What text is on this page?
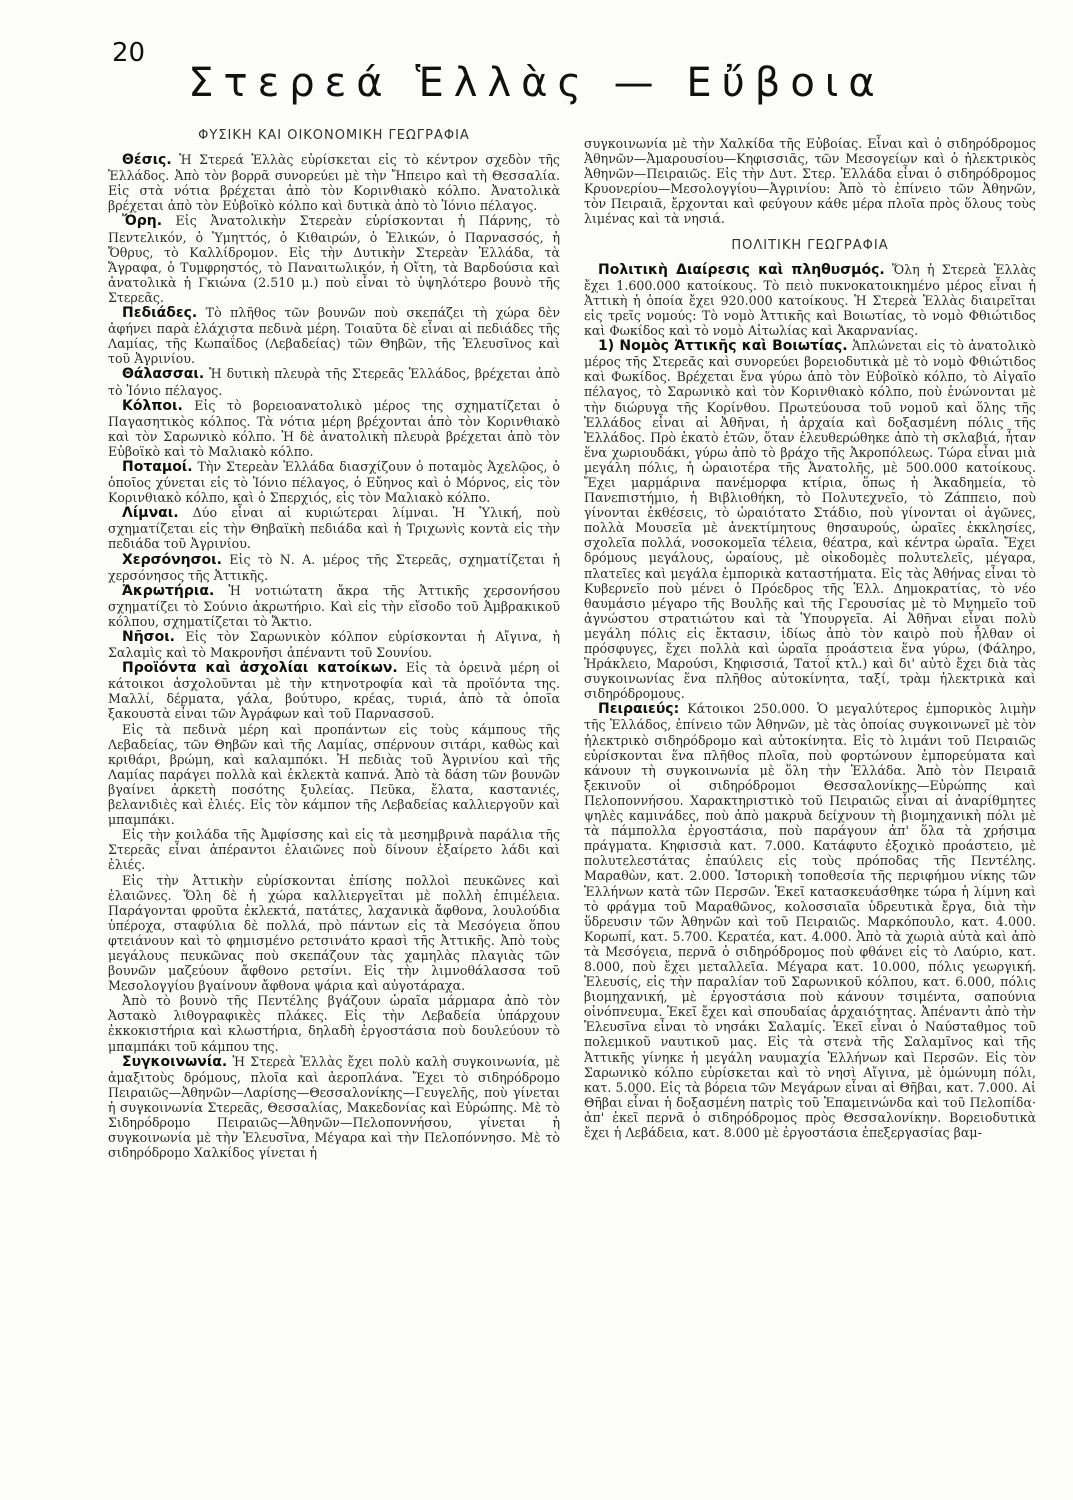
20
Στερεά Ἑλλὰς — Εὔβοια
ΦΥΣΙΚΗ ΚΑΙ ΟΙΚΟΝΟΜΙΚΗ ΓΕΩΓΡΑΦΙΑ

Θέσις. Ἡ Στερεά Ἑλλὰς εὑρίσκεται εἰς τὸ κέντρον σχεδὸν τῆς Ἑλλάδος. Ἀπὸ τὸν βορρᾶ συνορεύει μὲ τὴν Ἤπειρο καὶ τὴ Θεσσαλία. Εἰς στὰ νότια βρέχεται ἀπὸ τὸν Κορινθιακὸ κόλπο. Ἀνατολικὰ βρέχεται ἀπὸ τὸν Εὐβοϊκὸ κόλπο καὶ δυτικὰ ἀπὸ τὸ Ἰόνιο πέλαγος.

Ὄρη. Εἰς Ἀνατολικὴν Στερεὰν εὑρίσκονται ἡ Πάρνης, τὸ Πεντελικόν, ὁ Ὑμηττός, ὁ Κιθαιρών, ὁ Ἑλικών, ὁ Παρνασσός, ἡ Ὄθρυς, τὸ Καλλίδρομον. Εἰς τὴν Δυτικὴν Στερεὰν Ἑλλάδα, τὰ Ἄγραφα, ὁ Τυμφρηστός, τὸ Παναιτωλικόν, ἡ Οἴτη, τὰ Βαρδούσια καὶ ἀνατολικὰ ἡ Γκιώνα (2.510 μ.) ποὺ εἶναι τὸ ὑψηλότερο βουνὸ τῆς Στερεᾶς.

Πεδιάδες. Τὸ πλῆθος τῶν βουνῶν ποὺ σκεπάζει τὴ χώρα δὲν ἀφήνει παρὰ ἐλάχιστα πεδινὰ μέρη. Τοιαῦτα δὲ εἶναι αἱ πεδιάδες τῆς Λαμίας, τῆς Κωπαΐδος (Λεβαδείας) τῶν Θηβῶν, τῆς Ἐλευσῖνος καὶ τοῦ Ἀγρινίου.

Θάλασσαι. Ἡ δυτικὴ πλευρὰ τῆς Στερεᾶς Ἑλλάδος, βρέχεται ἀπὸ τὸ Ἰόνιο πέλαγος.

Κόλποι. Εἰς τὸ βορειοανατολικὸ μέρος της σχηματίζεται ὁ Παγασητικὸς κόλπος. Τὰ νότια μέρη βρέχονται ἀπὸ τὸν Κορινθιακὸ καὶ τὸν Σαρωνικὸ κόλπο. Ἡ δὲ ἀνατολικὴ πλευρὰ βρέχεται ἀπὸ τὸν Εὐβοϊκὸ καὶ τὸ Μαλιακὸ κόλπο.

Ποταμοί. Τὴν Στερεὰν Ἑλλάδα διασχίζουν ὁ ποταμὸς Ἀχελῷος, ὁ ὁποῖος χύνεται εἰς τὸ Ἰόνιο πέλαγος, ὁ Εὔηνος καὶ ὁ Μόρνος, εἰς τὸν Κορινθιακὸ κόλπο, καὶ ὁ Σπερχιός, εἰς τὸν Μαλιακὸ κόλπο.

Λίμναι. Δύο εἶναι αἱ κυριώτεραι λίμναι. Ἡ Ὑλική, ποὺ σχηματίζεται εἰς τὴν Θηβαϊκὴ πεδιάδα καὶ ἡ Τριχωνὶς κοντὰ εἰς τὴν πεδιάδα τοῦ Ἀγρινίου.

Χερσόνησοι. Εἰς τὸ Ν. Α. μέρος τῆς Στερεᾶς, σχηματίζεται ἡ χερσόνησος τῆς Ἀττικῆς.

Ἀκρωτήρια. Ἡ νοτιώτατη ἄκρα τῆς Ἀττικῆς χερσονήσου σχηματίζει τὸ Σούνιο ἀκρωτήριο. Καὶ εἰς τὴν εἴσοδο τοῦ Ἀμβρακικοῦ κόλπου, σχηματίζεται τὸ Ἄκτιο.

Νῆσοι. Εἰς τὸν Σαρωνικὸν κόλπον εὑρίσκονται ἡ Αἴγινα, ἡ Σαλαμὶς καὶ τὸ Μακρονῆσι ἀπέναντι τοῦ Σουνίου.

Προϊόντα καὶ ἀσχολίαι κατοίκων. Εἰς τὰ ὀρεινὰ μέρη οἱ κάτοικοι ἀσχολοῦνται μὲ τὴν κτηνοτροφία καὶ τὰ προϊόντα της. Μαλλί, δέρματα, γάλα, βούτυρο, κρέας, τυριά, ἀπὸ τὰ ὁποῖα ξακουστὰ εἶναι τῶν Ἀγράφων καὶ τοῦ Παρνασσοῦ.

Εἰς τὰ πεδινὰ μέρη καὶ προπάντων εἰς τοὺς κάμπους τῆς Λεβαδείας, τῶν Θηβῶν καὶ τῆς Λαμίας, σπέρνουν σιτάρι, καθὼς καὶ κριθάρι, βρώμη, καὶ καλαμπόκι. Ἡ πεδιὰς τοῦ Ἀγρινίου καὶ τῆς Λαμίας παράγει πολλὰ καὶ ἐκλεκτὰ καπνά. Ἀπὸ τὰ δάση τῶν βουνῶν βγαίνει ἀρκετὴ ποσότης ξυλείας. Πεῦκα, ἔλατα, καστανιές, βελανιδιὲς καὶ ἐλιές. Εἰς τὸν κάμπον τῆς Λεβαδείας καλλιεργοῦν καὶ μπαμπάκι.

Εἰς τὴν κοιλάδα τῆς Ἀμφίσσης καὶ εἰς τὰ μεσημβρινὰ παράλια τῆς Στερεᾶς εἶναι ἀπέραντοι ἐλαιῶνες ποὺ δίνουν ἐξαίρετο λάδι καὶ ἐλιές.

Εἰς τὴν Ἀττικὴν εὑρίσκονται ἐπίσης πολλοὶ πευκῶνες καὶ ἐλαιῶνες. Ὅλη δὲ ἡ χώρα καλλιεργεῖται μὲ πολλὴ ἐπιμέλεια. Παράγονται φροῦτα ἐκλεκτά, πατάτες, λαχανικὰ ἄφθονα, λουλούδια ὑπέροχα, σταφύλια δὲ πολλά, πρὸ πάντων εἰς τὰ Μεσόγεια ὅπου φτειάνουν καὶ τὸ φημισμένο ρετσινάτο κρασὶ τῆς Ἀττικῆς. Ἀπὸ τοὺς μεγάλους πευκῶνας ποὺ σκεπάζουν τὰς χαμηλὰς πλαγιὰς τῶν βουνῶν μαζεύουν ἄφθονο ρετσίνι. Εἰς τὴν λιμνοθάλασσα τοῦ Μεσολογγίου βγαίνουν ἄφθονα ψάρια καὶ αὐγοτάραχα.

Ἀπὸ τὸ βουνὸ τῆς Πεντέλης βγάζουν ὡραῖα μάρμαρα ἀπὸ τὸν Ἀστακὸ λιθογραφικὲς πλάκες. Εἰς τὴν Λεβαδεία ὑπάρχουν ἐκκοκιστήρια καὶ κλωστήρια, δηλαδὴ ἐργοστάσια ποὺ δουλεύουν τὸ μπαμπάκι τοῦ κάμπου της.

Συγκοινωνία. Ἡ Στερεὰ Ἑλλὰς ἔχει πολὺ καλὴ συγκοινωνία, μὲ ἁμαξιτοὺς δρόμους, πλοῖα καὶ ἀεροπλάνα. Ἔχει τὸ σιδηρόδρομο Πειραιῶς—Ἀθηνῶν—Λαρίσης—Θεσσαλονίκης—Γευγελῆς, ποὺ γίνεται ἡ συγκοινωνία Στερεᾶς, Θεσσαλίας, Μακεδονίας καὶ Εὐρώπης. Μὲ τὸ Σιδηρόδρομο Πειραιῶς—Ἀθηνῶν—Πελοποννήσου, γίνεται ἡ συγκοινωνία μὲ τὴν Ἐλευσῖνα, Μέγαρα καὶ τὴν Πελοπόννησο. Μὲ τὸ σιδηρόδρομο Χαλκίδος γίνεται ἡ

συγκοινωνία μὲ τὴν Χαλκίδα τῆς Εὐβοίας. Εἶναι καὶ ὁ σιδηρόδρομος Ἀθηνῶν—Ἀμαρουσίου—Κηφισσιᾶς, τῶν Μεσογείων καὶ ὁ ἠλεκτρικὸς Ἀθηνῶν—Πειραιῶς. Εἰς τὴν Δυτ. Στερ. Ἑλλάδα εἶναι ὁ σιδηρόδρομος Κρυονερίου—Μεσολογγίου—Ἀγρινίου: Ἀπὸ τὸ ἐπίνειο τῶν Ἀθηνῶν, τὸν Πειραιᾶ, ἔρχονται καὶ φεύγουν κάθε μέρα πλοῖα πρὸς ὅλους τοὺς λιμένας καὶ τὰ νησιά.

ΠΟΛΙΤΙΚΗ ΓΕΩΓΡΑΦΙΑ

Πολιτικὴ Διαίρεσις καὶ πληθυσμός. Ὅλη ἡ Στερεὰ Ἑλλὰς ἔχει 1.600.000 κατοίκους. Τὸ πειὸ πυκνοκατοικημένο μέρος εἶναι ἡ Ἀττικὴ ἡ ὁποία ἔχει 920.000 κατοίκους. Ἡ Στερεὰ Ἑλλὰς διαιρεῖται εἰς τρεῖς νομούς: Τὸ νομὸ Ἀττικῆς καὶ Βοιωτίας, τὸ νομὸ Φθιώτιδος καὶ Φωκίδος καὶ τὸ νομὸ Αἰτωλίας καὶ Ἀκαρνανίας.

1) Νομὸς Ἀττικῆς καὶ Βοιωτίας. Ἁπλώνεται εἰς τὸ ἀνατολικὸ μέρος τῆς Στερεᾶς καὶ συνορεύει βορειοδυτικὰ μὲ τὸ νομὸ Φθιώτιδος καὶ Φωκίδος. Βρέχεται ἔνα γύρω ἀπὸ τὸν Εὐβοϊκὸ κόλπο, τὸ Αἰγαῖο πέλαγος, τὸ Σαρωνικὸ καὶ τὸν Κορινθιακὸ κόλπο, ποὺ ἑνώνονται μὲ τὴν διώρυγα τῆς Κορίνθου. Πρωτεύουσα τοῦ νομοῦ καὶ ὅλης τῆς Ἑλλάδος εἶναι αἱ Ἀθῆναι, ἡ ἀρχαία καὶ δοξασμένη πόλις τῆς Ἑλλάδος. Πρὸ ἑκατὸ ἐτῶν, ὅταν ἐλευθερώθηκε ἀπὸ τὴ σκλαβιά, ἦταν ἕνα χωριουδάκι, γύρω ἀπὸ τὸ βράχο τῆς Ἀκροπόλεως. Τώρα εἶναι μιὰ μεγάλη πόλις, ἡ ὡραιοτέρα τῆς Ἀνατολῆς, μὲ 500.000 κατοίκους. Ἔχει μαρμάρινα πανέμορφα κτίρια, ὅπως ἡ Ἀκαδημεία, τὸ Πανεπιστήμιο, ἡ Βιβλιοθήκη, τὸ Πολυτεχνεῖο, τὸ Ζάππειο, ποὺ γίνονται ἐκθέσεις, τὸ ὡραιότατο Στάδιο, ποὺ γίνονται οἱ ἀγῶνες, πολλὰ Μουσεῖα μὲ ἀνεκτίμητους θησαυρούς, ὡραῖες ἐκκλησίες, σχολεῖα πολλά, νοσοκομεῖα τέλεια, θέατρα, καὶ κέντρα ὡραῖα. Ἔχει δρόμους μεγάλους, ὡραίους, μὲ οἰκοδομὲς πολυτελεῖς, μέγαρα, πλατεῖες καὶ μεγάλα ἐμπορικὰ καταστήματα. Εἰς τὰς Ἀθήνας εἶναι τὸ Κυβερνεῖο ποὺ μένει ὁ Πρόεδρος τῆς Ἑλλ. Δημοκρατίας, τὸ νέο θαυμάσιο μέγαρο τῆς Βουλῆς καὶ τῆς Γερουσίας μὲ τὸ Μνημεῖο τοῦ ἀγνώστου στρατιώτου καὶ τὰ Ὑπουργεῖα. Αἱ Ἀθῆναι εἶναι πολὺ μεγάλη πόλις εἰς ἔκτασιν, ἰδίως ἀπὸ τὸν καιρὸ ποὺ ἦλθαν οἱ πρόσφυγες, ἔχει πολλὰ καὶ ὡραῖα προάστεια ἕνα γύρω, (Φάληρο, Ἡράκλειο, Μαρούσι, Κηφισσιά, Τατοΐ κτλ.) καὶ δι' αὐτὸ ἔχει διὰ τὰς συγκοινωνίας ἕνα πλῆθος αὐτοκίνητα, ταξί, τρὰμ ἠλεκτρικὰ καὶ σιδηρόδρομους.

Πειραιεύς: Κάτοικοι 250.000. Ὁ μεγαλύτερος ἐμπορικὸς λιμὴν τῆς Ἑλλάδος, ἐπίνειο τῶν Ἀθηνῶν, μὲ τὰς ὁποίας συγκοινωνεῖ μὲ τὸν ἠλεκτρικὸ σιδηρόδρομο καὶ αὐτοκίνητα. Εἰς τὸ λιμάνι τοῦ Πειραιῶς εὑρίσκονται ἕνα πλῆθος πλοῖα, ποὺ φορτώνουν ἐμπορεύματα καὶ κάνουν τὴ συγκοινωνία μὲ ὅλη τὴν Ἑλλάδα. Ἀπὸ τὸν Πειραιᾶ ξεκινοῦν οἱ σιδηρόδρομοι Θεσσαλονίκης—Εὐρώπης καὶ Πελοποννήσου. Χαρακτηριστικὸ τοῦ Πειραιῶς εἶναι αἱ ἀναρίθμητες ψηλὲς καμινάδες, ποὺ ἀπὸ μακρυὰ δείχνουν τὴ βιομηχανικὴ πόλι μὲ τὰ πάμπολλα ἐργοστάσια, ποὺ παράγουν ἀπ' ὅλα τὰ χρήσιμα πράγματα. Κηφισσιὰ κατ. 7.000. Κατάφυτο ἐξοχικὸ προάστειο, μὲ πολυτελεστάτας ἐπαύλεις εἰς τοὺς πρόποδας τῆς Πεντέλης. Μαραθὼν, κατ. 2.000. Ἱστορικὴ τοποθεσία τῆς περιφήμου νίκης τῶν Ἑλλήνων κατὰ τῶν Περσῶν. Ἐκεῖ κατασκευάσθηκε τώρα ἡ λίμνη καὶ τὸ φράγμα τοῦ Μαραθῶνος, κολοσσιαῖα ὑδρευτικὰ ἔργα, διὰ τὴν ὕδρευσιν τῶν Ἀθηνῶν καὶ τοῦ Πειραιῶς. Μαρκόπουλο, κατ. 4.000. Κορωπί, κατ. 5.700. Κερατέα, κατ. 4.000. Ἀπὸ τὰ χωριὰ αὐτὰ καὶ ἀπὸ τὰ Μεσόγεια, περνᾶ ὁ σιδηρόδρομος ποὺ φθάνει εἰς τὸ Λαύριο, κατ. 8.000, ποὺ ἔχει μεταλλεῖα. Μέγαρα κατ. 10.000, πόλις γεωργική. Ἐλευσίς, εἰς τὴν παραλίαν τοῦ Σαρωνικοῦ κόλπου, κατ. 6.000, πόλις βιομηχανική, μὲ ἐργοστάσια ποὺ κάνουν τσιμέντα, σαπούνια οἰνόπνευμα. Ἐκεῖ ἔχει καὶ σπουδαίας ἀρχαιότητας. Ἀπέναντι ἀπὸ τὴν Ἐλευσῖνα εἶναι τὸ νησάκι Σαλαμίς. Ἐκεῖ εἶναι ὁ Ναύσταθμος τοῦ πολεμικοῦ ναυτικοῦ μας. Εἰς τὰ στενὰ τῆς Σαλαμῖνος καὶ τῆς Ἀττικῆς γίνηκε ἡ μεγάλη ναυμαχία Ἑλλήνων καὶ Περσῶν. Εἰς τὸν Σαρωνικὸ κόλπο εὑρίσκεται καὶ τὸ νησὶ Αἴγινα, μὲ ὁμώνυμη πόλι, κατ. 5.000. Εἰς τὰ βόρεια τῶν Μεγάρων εἶναι αἱ Θῆβαι, κατ. 7.000. Αἱ Θῆβαι εἶναι ἡ δοξασμένη πατρὶς τοῦ Ἐπαμεινώνδα καὶ τοῦ Πελοπίδα· ἀπ' ἐκεῖ περνᾶ ὁ σιδηρόδρομος πρὸς Θεσσαλονίκην. Βορειοδυτικὰ ἔχει ἡ Λεβάδεια, κατ. 8.000 μὲ ἐργοστάσια ἐπεξεργασίας βαμ-
